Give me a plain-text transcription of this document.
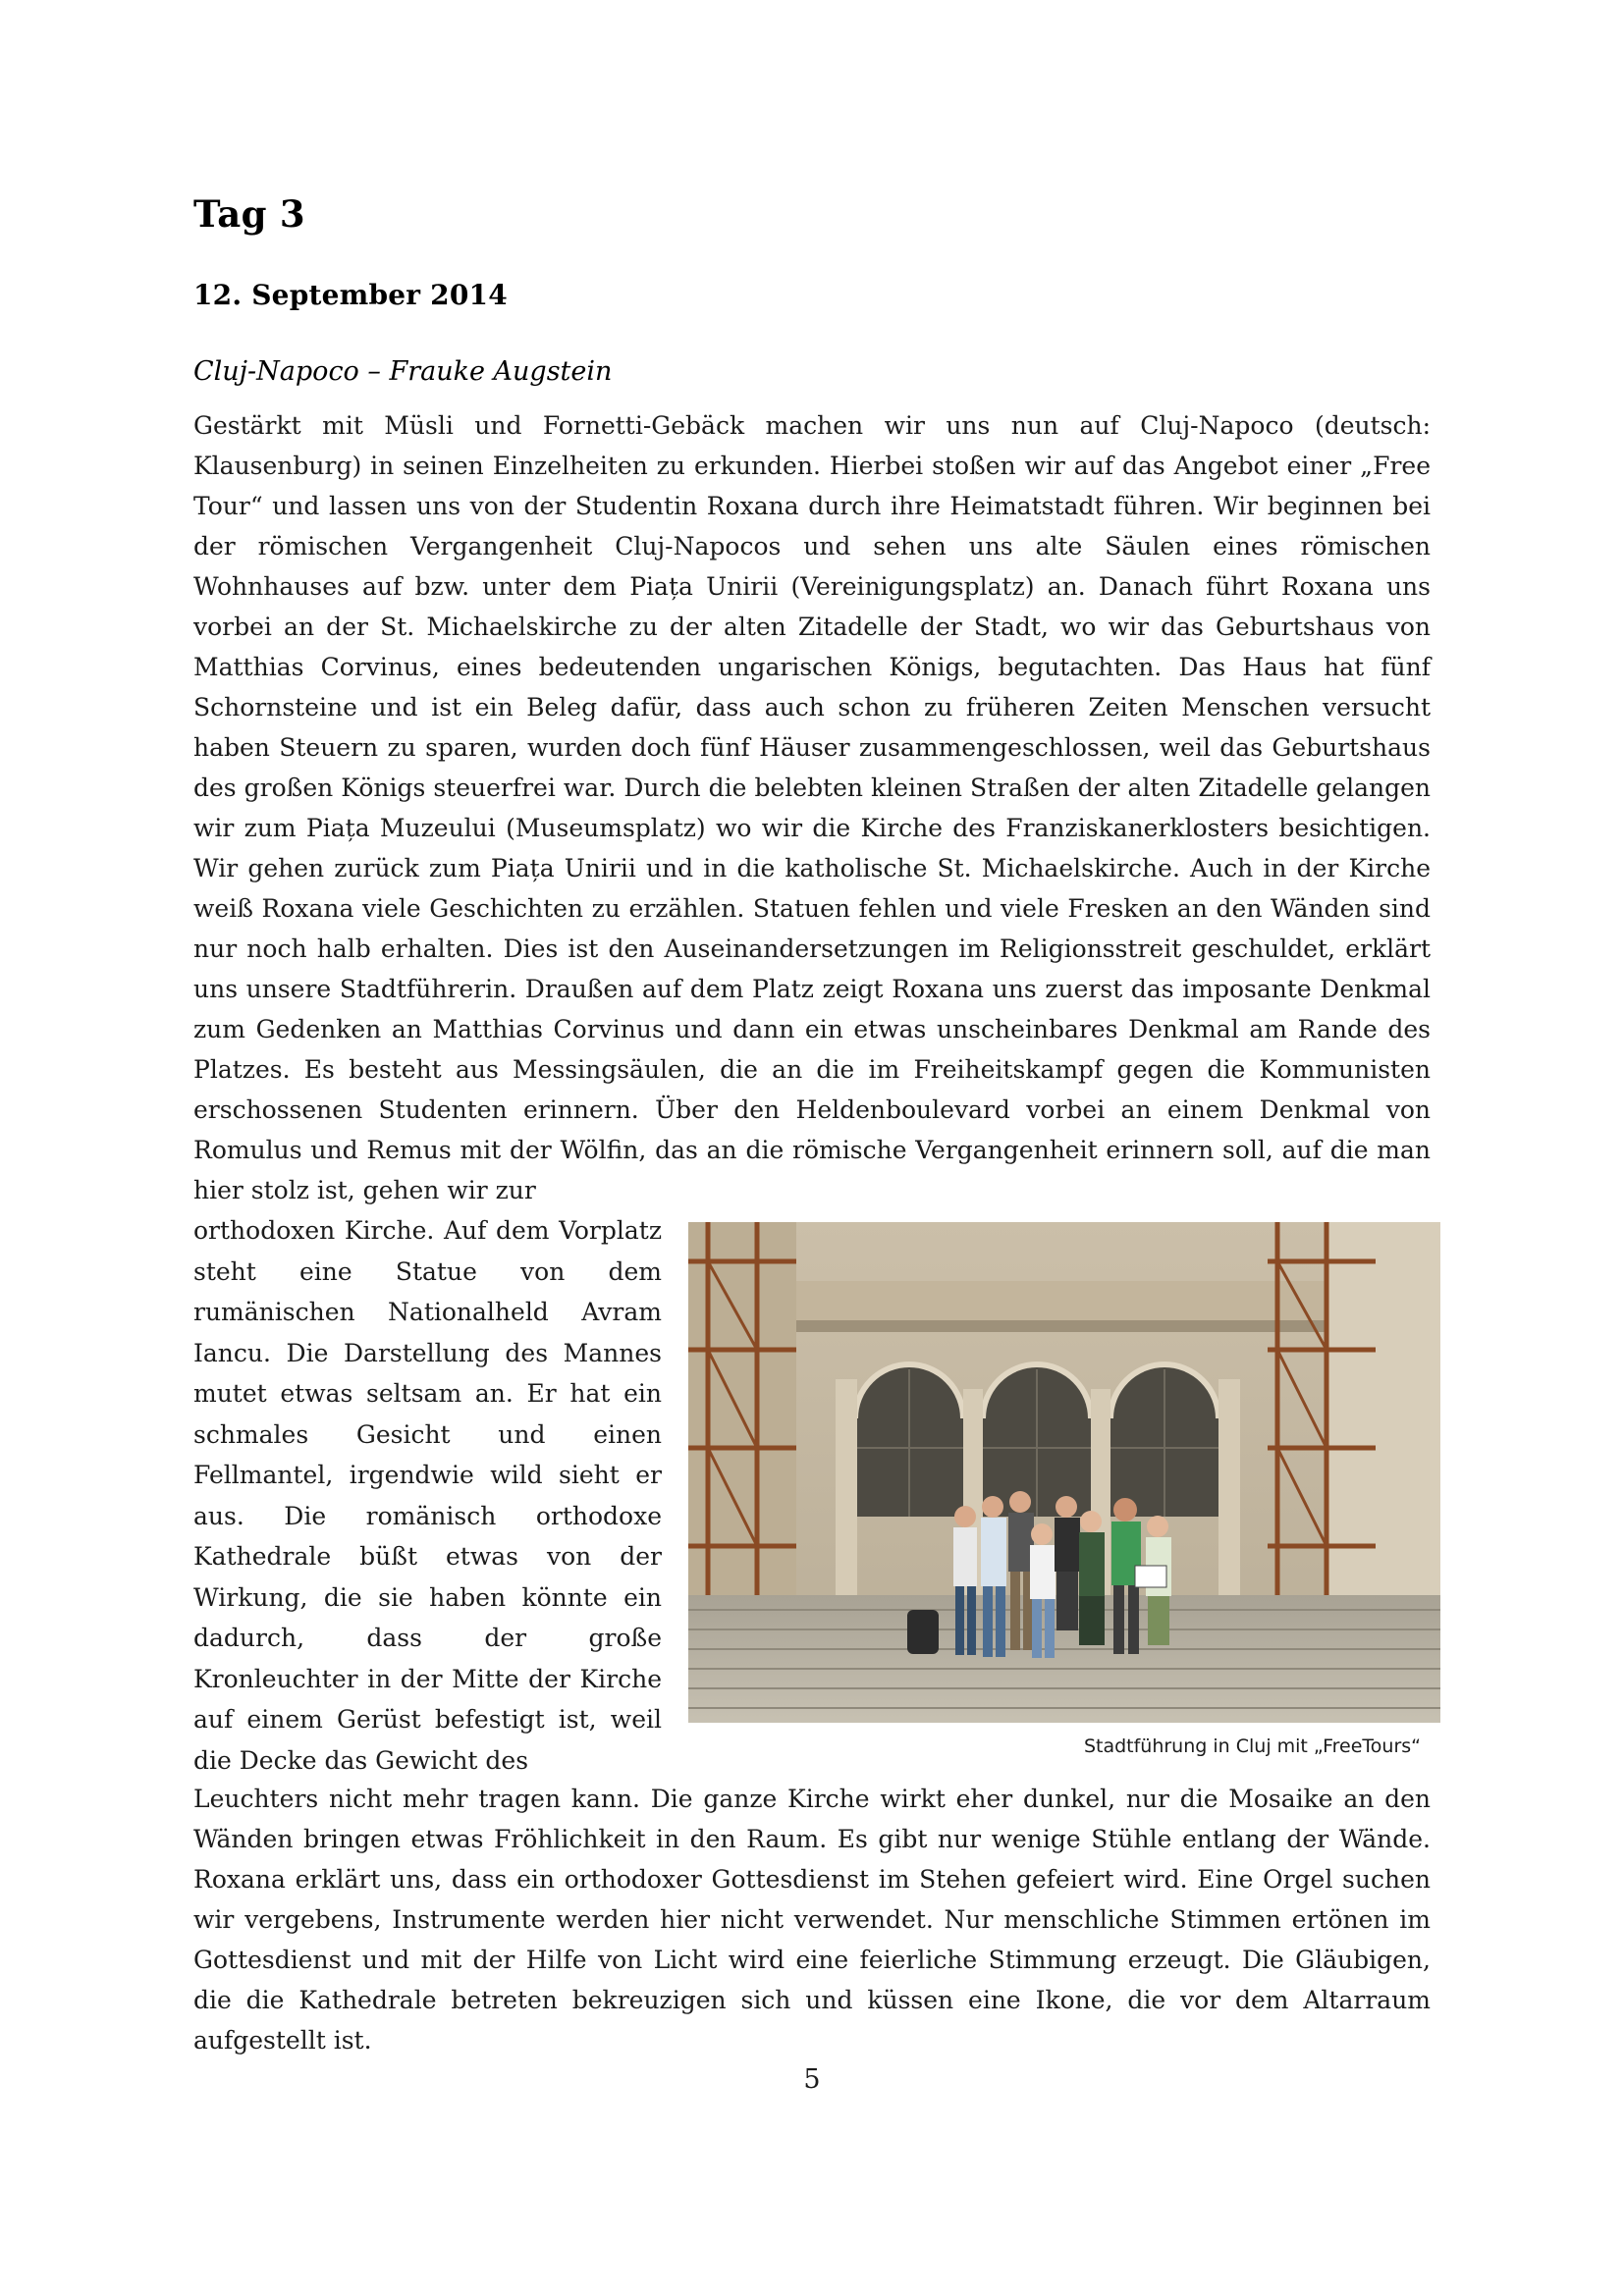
Tag 3
12. September 2014
Cluj-Napoco – Frauke Augstein

Gestärkt mit Müsli und Fornetti-Gebäck machen wir uns nun auf Cluj-Napoco (deutsch: Klausenburg) in seinen Einzelheiten zu erkunden. Hierbei stoßen wir auf das Angebot einer „Free Tour“ und lassen uns von der Studentin Roxana durch ihre Heimatstadt führen. Wir beginnen bei der römischen Vergangenheit Cluj-Napocos und sehen uns alte Säulen eines römischen Wohnhauses auf bzw. unter dem Piața Unirii (Vereinigungsplatz) an. Danach führt Roxana uns vorbei an der St. Michaelskirche zu der alten Zitadelle der Stadt, wo wir das Geburtshaus von Matthias Corvinus, eines bedeutenden ungarischen Königs, begutachten. Das Haus hat fünf Schornsteine und ist ein Beleg dafür, dass auch schon zu früheren Zeiten Menschen versucht haben Steuern zu sparen, wurden doch fünf Häuser zusammengeschlossen, weil das Geburtshaus des großen Königs steuerfrei war. Durch die belebten kleinen Straßen der alten Zitadelle gelangen wir zum Piața Muzeului (Museumsplatz) wo wir die Kirche des Franziskanerklosters besichtigen. Wir gehen zurück zum Piața Unirii und in die katholische St. Michaelskirche. Auch in der Kirche weiß Roxana viele Geschichten zu erzählen. Statuen fehlen und viele Fresken an den Wänden sind nur noch halb erhalten. Dies ist den Auseinandersetzungen im Religionsstreit geschuldet, erklärt uns unsere Stadtführerin. Draußen auf dem Platz zeigt Roxana uns zuerst das imposante Denkmal zum Gedenken an Matthias Corvinus und dann ein etwas unscheinbares Denkmal am Rande des Platzes. Es besteht aus Messingsäulen, die an die im Freiheitskampf gegen die Kommunisten erschossenen Studenten erinnern. Über den Heldenboulevard vorbei an einem Denkmal von Romulus und Remus mit der Wölfin, das an die römische Vergangenheit erinnern soll, auf die man hier stolz ist, gehen wir zur

orthodoxen Kirche. Auf dem Vorplatz steht eine Statue von dem rumänischen Nationalheld Avram Iancu. Die Darstellung des Mannes mutet etwas seltsam an. Er hat ein schmales Gesicht und einen Fellmantel, irgendwie wild sieht er aus. Die romänisch orthodoxe Kathedrale büßt etwas von der Wirkung, die sie haben könnte ein dadurch, dass der große Kronleuchter in der Mitte der Kirche auf einem Gerüst befestigt ist, weil die Decke das Gewicht des	Stadtführung in Cluj mit „FreeTours“

Leuchters nicht mehr tragen kann. Die ganze Kirche wirkt eher dunkel, nur die Mosaike an den Wänden bringen etwas Fröhlichkeit in den Raum. Es gibt nur wenige Stühle entlang der Wände. Roxana erklärt uns, dass ein orthodoxer Gottesdienst im Stehen gefeiert wird. Eine Orgel suchen wir vergebens, Instrumente werden hier nicht verwendet. Nur menschliche Stimmen ertönen im Gottesdienst und mit der Hilfe von Licht wird eine feierliche Stimmung erzeugt. Die Gläubigen, die die Kathedrale betreten bekreuzigen sich und küssen eine Ikone, die vor dem Altarraum aufgestellt ist.

5
